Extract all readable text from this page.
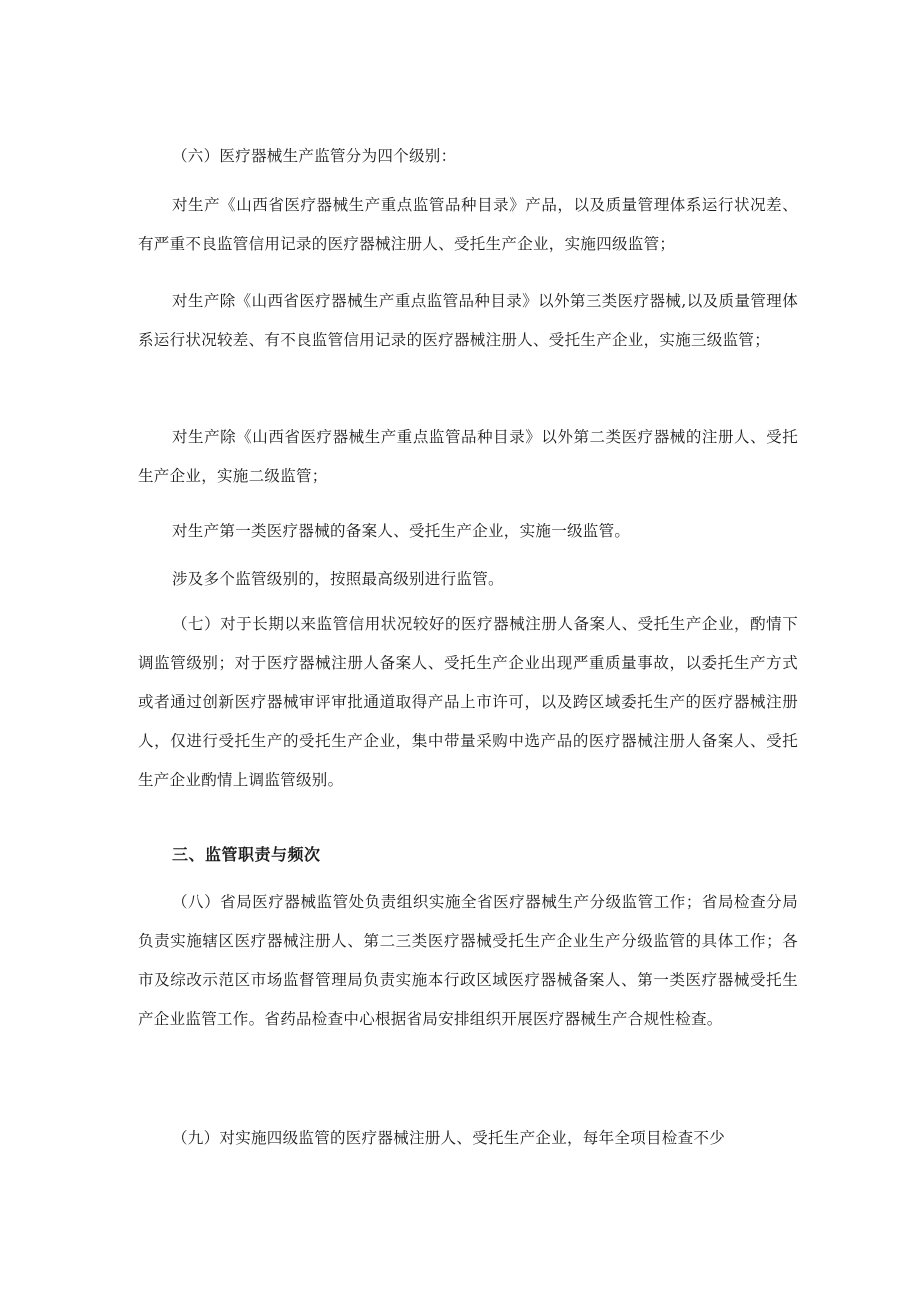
（六）医疗器械生产监管分为四个级别：

对生产《山西省医疗器械生产重点监管品种目录》产品，以及质量管理体系运行状况差、有严重不良监管信用记录的医疗器械注册人、受托生产企业，实施四级监管；

对生产除《山西省医疗器械生产重点监管品种目录》以外第三类医疗器械,以及质量管理体系运行状况较差、有不良监管信用记录的医疗器械注册人、受托生产企业，实施三级监管；

对生产除《山西省医疗器械生产重点监管品种目录》以外第二类医疗器械的注册人、受托生产企业，实施二级监管；

对生产第一类医疗器械的备案人、受托生产企业，实施一级监管。

涉及多个监管级别的，按照最高级别进行监管。

（七）对于长期以来监管信用状况较好的医疗器械注册人备案人、受托生产企业，酌情下调监管级别；对于医疗器械注册人备案人、受托生产企业出现严重质量事故，以委托生产方式或者通过创新医疗器械审评审批通道取得产品上市许可，以及跨区域委托生产的医疗器械注册人，仅进行受托生产的受托生产企业，集中带量采购中选产品的医疗器械注册人备案人、受托生产企业酌情上调监管级别。

三、监管职责与频次

（八）省局医疗器械监管处负责组织实施全省医疗器械生产分级监管工作；省局检查分局负责实施辖区医疗器械注册人、第二三类医疗器械受托生产企业生产分级监管的具体工作；各市及综改示范区市场监督管理局负责实施本行政区域医疗器械备案人、第一类医疗器械受托生产企业监管工作。省药品检查中心根据省局安排组织开展医疗器械生产合规性检查。

（九）对实施四级监管的医疗器械注册人、受托生产企业，每年全项目检查不少
